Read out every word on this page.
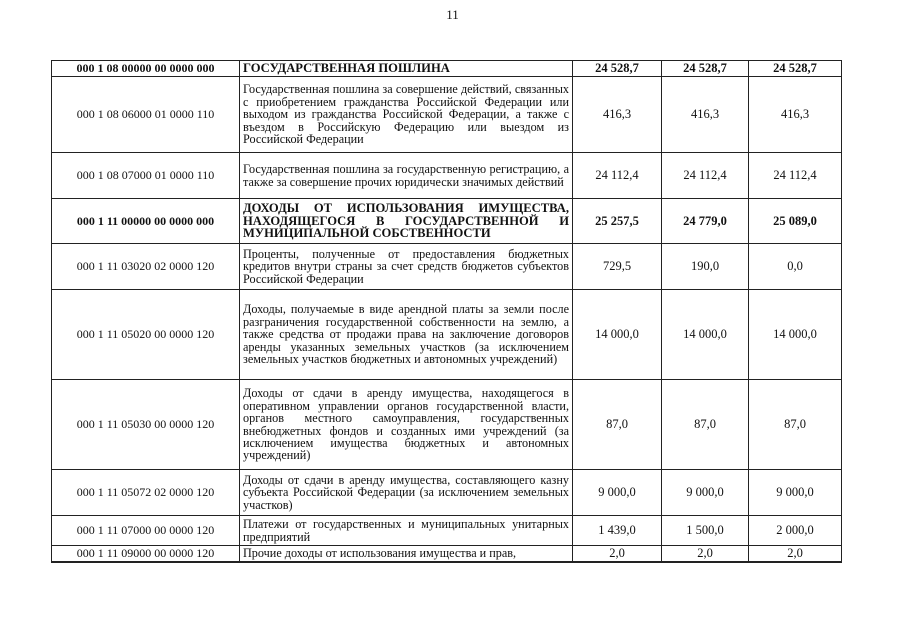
11
000 1 08 00000 00 0000 000	ГОСУДАРСТВЕННАЯ ПОШЛИНА	24 528,7	24 528,7	24 528,7
000 1 08 06000 01 0000 110	Государственная пошлина за совершение действий, связанных с приобретением гражданства Российской Федерации или выходом из гражданства Российской Федерации, а также с въездом в Российскую Федерацию или выездом из Российской Федерации	416,3	416,3	416,3
000 1 08 07000 01 0000 110	Государственная пошлина за государственную регистрацию, а также за совершение прочих юридически значимых действий	24 112,4	24 112,4	24 112,4
000 1 11 00000 00 0000 000	ДОХОДЫ ОТ ИСПОЛЬЗОВАНИЯ ИМУЩЕСТВА, НАХОДЯЩЕГОСЯ В ГОСУДАРСТВЕННОЙ И МУНИЦИПАЛЬНОЙ СОБСТВЕННОСТИ	25 257,5	24 779,0	25 089,0
000 1 11 03020 02 0000 120	Проценты, полученные от предоставления бюджетных кредитов внутри страны за счет средств бюджетов субъектов Российской Федерации	729,5	190,0	0,0
000 1 11 05020 00 0000 120	Доходы, получаемые в виде арендной платы за земли после разграничения государственной собственности на землю, а также средства от продажи права на заключение договоров аренды указанных земельных участков (за исключением земельных участков бюджетных и автономных учреждений)	14 000,0	14 000,0	14 000,0
000 1 11 05030 00 0000 120	Доходы от сдачи в аренду имущества, находящегося в оперативном управлении органов государственной власти, органов местного самоуправления, государственных внебюджетных фондов и созданных ими учреждений (за исключением имущества бюджетных и автономных учреждений)	87,0	87,0	87,0
000 1 11 05072 02 0000 120	Доходы от сдачи в аренду имущества, составляющего казну субъекта Российской Федерации (за исключением земельных участков)	9 000,0	9 000,0	9 000,0
000 1 11 07000 00 0000 120	Платежи от государственных и муниципальных унитарных предприятий	1 439,0	1 500,0	2 000,0
000 1 11 09000 00 0000 120	Прочие доходы от использования имущества и прав,	2,0	2,0	2,0
